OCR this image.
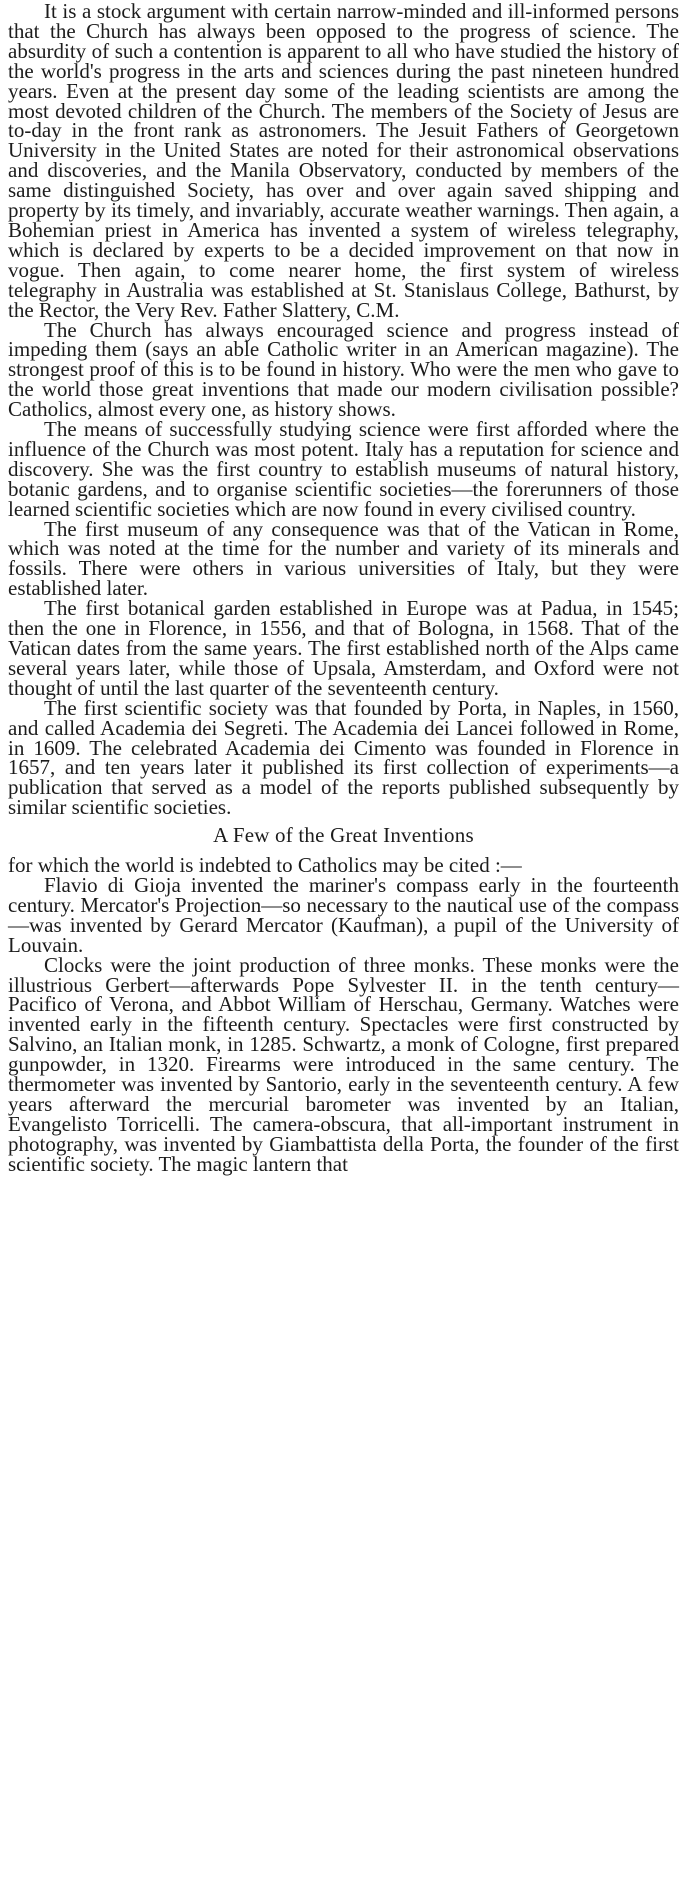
It is a stock argument with certain narrow-minded and ill-informed persons that the Church has always been opposed to the progress of science. The absurdity of such a contention is apparent to all who have studied the history of the world's progress in the arts and sciences during the past nineteen hundred years. Even at the present day some of the leading scientists are among the most devoted children of the Church. The members of the Society of Jesus are to-day in the front rank as astronomers. The Jesuit Fathers of Georgetown University in the United States are noted for their astronomical observations and discoveries, and the Manila Observatory, conducted by members of the same distinguished Society, has over and over again saved shipping and property by its timely, and invariably, accurate weather warnings. Then again, a Bohemian priest in America has invented a system of wireless telegraphy, which is declared by experts to be a decided improvement on that now in vogue. Then again, to come nearer home, the first system of wireless telegraphy in Australia was established at St. Stanislaus College, Bathurst, by the Rector, the Very Rev. Father Slattery, C.M.

The Church has always encouraged science and progress instead of impeding them (says an able Catholic writer in an American magazine). The strongest proof of this is to be found in history. Who were the men who gave to the world those great inventions that made our modern civilisation possible? Catholics, almost every one, as history shows.

The means of successfully studying science were first afforded where the influence of the Church was most potent. Italy has a reputation for science and discovery. She was the first country to establish museums of natural history, botanic gardens, and to organise scientific societies—the forerunners of those learned scientific societies which are now found in every civilised country.

The first museum of any consequence was that of the Vatican in Rome, which was noted at the time for the number and variety of its minerals and fossils. There were others in various universities of Italy, but they were established later.

The first botanical garden established in Europe was at Padua, in 1545; then the one in Florence, in 1556, and that of Bologna, in 1568. That of the Vatican dates from the same years. The first established north of the Alps came several years later, while those of Upsala, Amsterdam, and Oxford were not thought of until the last quarter of the seventeenth century.

The first scientific society was that founded by Porta, in Naples, in 1560, and called Academia dei Segreti. The Academia dei Lancei followed in Rome, in 1609. The celebrated Academia dei Cimento was founded in Florence in 1657, and ten years later it published its first collection of experiments—a publication that served as a model of the reports published subsequently by similar scientific societies.

A Few of the Great Inventions

for which the world is indebted to Catholics may be cited :—

Flavio di Gioja invented the mariner's compass early in the fourteenth century. Mercator's Projection—so necessary to the nautical use of the compass—was invented by Gerard Mercator (Kaufman), a pupil of the University of Louvain.

Clocks were the joint production of three monks. These monks were the illustrious Gerbert—afterwards Pope Sylvester II. in the tenth century—Pacifico of Verona, and Abbot William of Herschau, Germany. Watches were invented early in the fifteenth century. Spectacles were first constructed by Salvino, an Italian monk, in 1285. Schwartz, a monk of Cologne, first prepared gunpowder, in 1320. Firearms were introduced in the same century. The thermometer was invented by Santorio, early in the seventeenth century. A few years afterward the mercurial barometer was invented by an Italian, Evangelisto Torricelli. The camera-obscura, that all-important instrument in photography, was invented by Giambattista della Porta, the founder of the first scientific society. The magic lantern that
